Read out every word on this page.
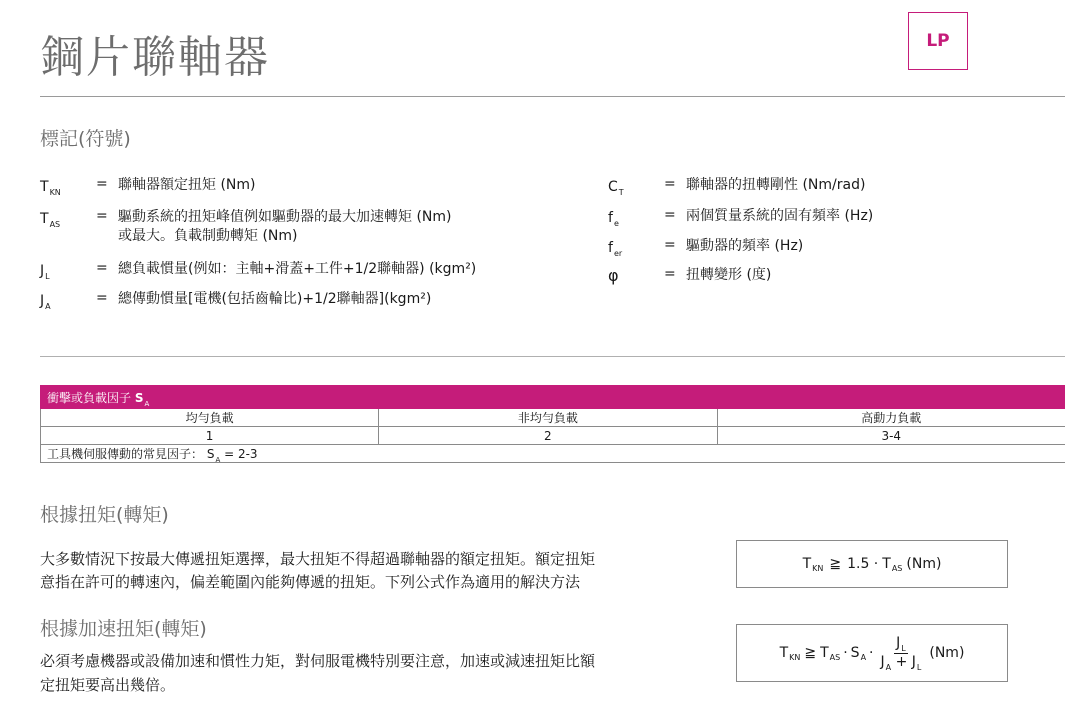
鋼片聯軸器	LP
標記(符號)
$T_{KN}$
= 聯軸器額定扭矩 (Nm)
$T_{AS}$
= 驅動系統的扭矩峰值例如驅動器的最大加速轉矩 (Nm)
或最大。負載制動轉矩 (Nm)
$J_L$
= 總負載慣量(例如：主軸+滑蓋+工件+1/2聯軸器) (kgm²)
$J_A$
= 總傳動慣量[電機(包括齒輪比)+1/2聯軸器](kgm²)
$C_T$
= 聯軸器的扭轉剛性 (Nm/rad)
$f_e$
= 兩個質量系統的固有頻率 (Hz)
$f_{er}$
= 驅動器的頻率 (Hz)
φ	= 扭轉變形 (度)
衝擊或負載因子 $S_A$
均勻負載	非均勻負載	高動力負載
1	2	3-4
工具機伺服傳動的常見因子： $S_A = 2-3$		
根據扭矩(轉矩)
大多數情況下按最大傳遞扭矩選擇，最大扭矩不得超過聯軸器的額定扭矩。額定扭矩
意指在許可的轉速內，偏差範圍內能夠傳遞的扭矩。下列公式作為適用的解決方法
T KN ≧ 1.5 · T AS (Nm)
根據加速扭矩(轉矩)
必須考慮機器或設備加速和慣性力矩，對伺服電機特別要注意，加速或減速扭矩比額
定扭矩要高出幾倍。
T KN ≧ T AS · S $A \cdot \frac{J_L}{J_A + J_L} (Nm)$
